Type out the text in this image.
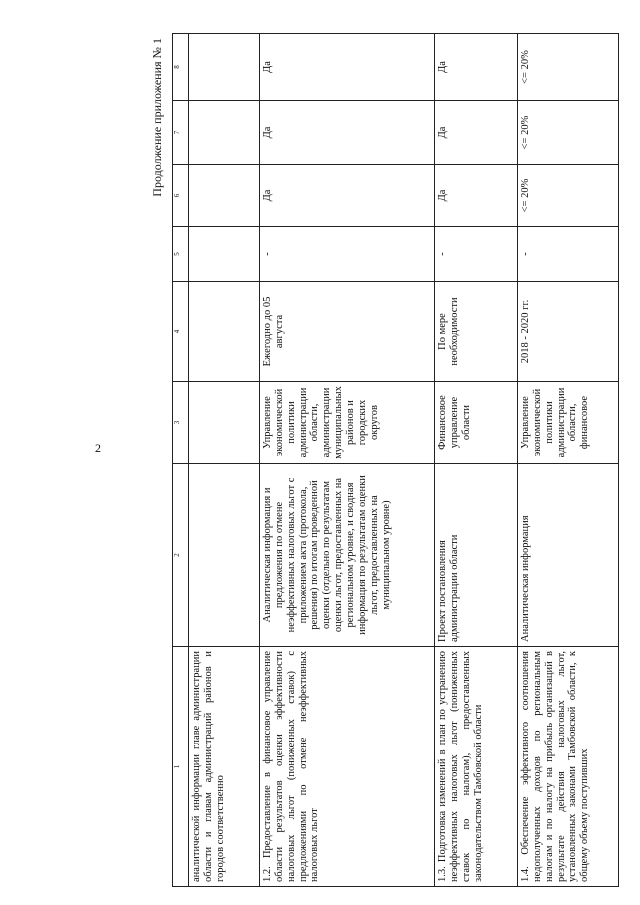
2
Продолжение приложения № 1
1	2	3	4	5	6	7	8
аналитической информации главе администрации области и главам администраций районов и городов соответственно							
1.2. Предоставление в финансовое управление области результатов оценки эффективности налоговых льгот (пониженных ставок) с предложениями по отмене неэффективных налоговых льгот	Аналитическая информация и предложения по отмене неэффективных налоговых льгот с приложением акта (протокола, решения) по итогам проведенной оценки (отдельно по результатам оценки льгот, предоставленных на региональном уровне, и сводная информация по результатам оценки льгот, предоставленных на муниципальном уровне)	Управление экономической политики администрации области, администрации муниципальных районов и городских округов	Ежегодно до 05 августа	-	Да	Да	Да
1.3. Подготовка изменений в план по устранению неэффективных налоговых льгот (пониженных ставок по налогам), предоставленных законодательством Тамбовской области	Проект постановления администрации области	Финансовое управление области	По мере необходимости	-	Да	Да	Да
1.4. Обеспечение эффективного соотношения недополученных доходов по региональным налогам и по налогу на прибыль организаций в результате действия налоговых льгот, установленных законами Тамбовской области, к общему объему поступивших	Аналитическая информация	Управление экономической политики администрации области, финансовое	2018 - 2020 гг.	-	<= 20%	<= 20%	<= 20%
